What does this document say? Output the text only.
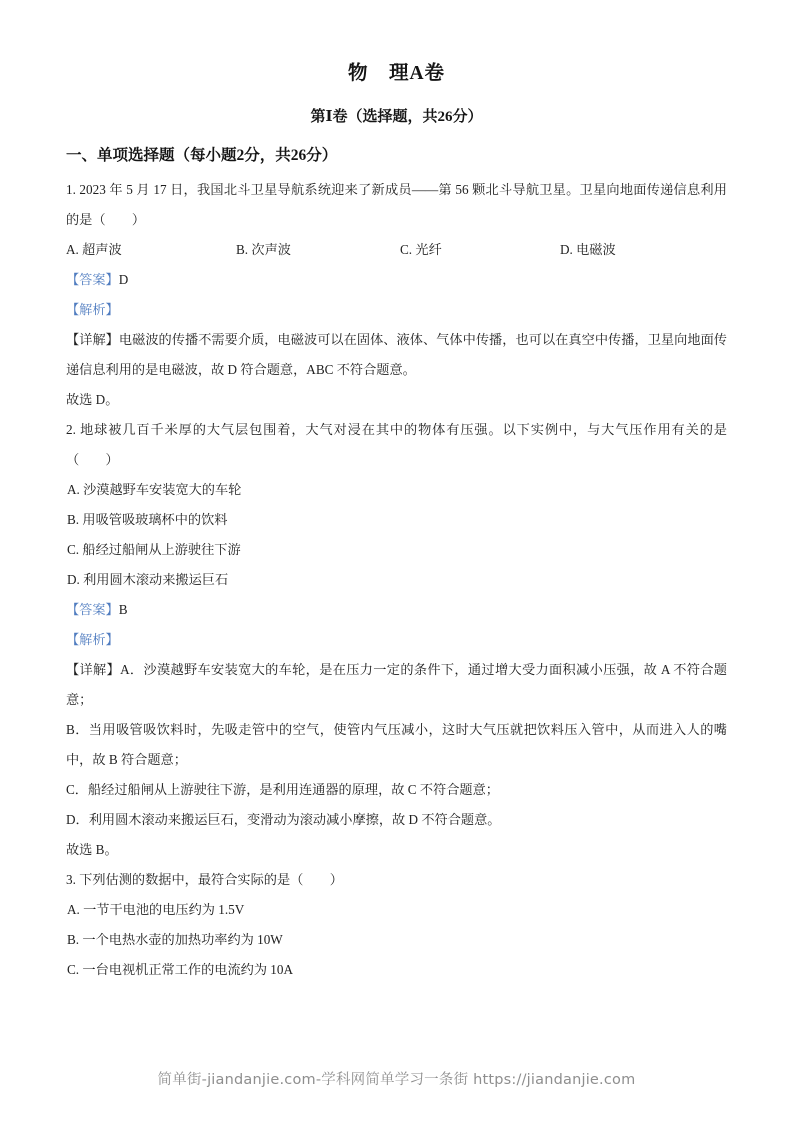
物　理A卷
第Ⅰ卷（选择题，共26分）
一、单项选择题（每小题2分，共26分）

1. 2023 年 5 月 17 日，我国北斗卫星导航系统迎来了新成员——第 56 颗北斗导航卫星。卫星向地面传递信息利用的是（　　）

A. 超声波	B. 次声波	C. 光纤	D. 电磁波
【答案】D
【解析】

【详解】电磁波的传播不需要介质，电磁波可以在固体、液体、气体中传播，也可以在真空中传播，卫星向地面传递信息利用的是电磁波，故 D 符合题意，ABC 不符合题意。

故选 D。

2. 地球被几百千米厚的大气层包围着，大气对浸在其中的物体有压强。以下实例中，与大气压作用有关的是（　　）

A. 沙漠越野车安装宽大的车轮
B. 用吸管吸玻璃杯中的饮料
C. 船经过船闸从上游驶往下游
D. 利用圆木滚动来搬运巨石
【答案】B
【解析】

【详解】A．沙漠越野车安装宽大的车轮，是在压力一定的条件下，通过增大受力面积减小压强，故 A 不符合题意；

B．当用吸管吸饮料时，先吸走管中的空气，使管内气压减小，这时大气压就把饮料压入管中，从而进入人的嘴中，故 B 符合题意；

C．船经过船闸从上游驶往下游，是利用连通器的原理，故 C 不符合题意；

D．利用圆木滚动来搬运巨石，变滑动为滚动减小摩擦，故 D 不符合题意。

故选 B。

3. 下列估测的数据中，最符合实际的是（　　）

A. 一节干电池的电压约为 1.5V
B. 一个电热水壶的加热功率约为 10W
C. 一台电视机正常工作的电流约为 10A
简单街-jiandanjie.com-学科网简单学习一条街 https://jiandanjie.com
